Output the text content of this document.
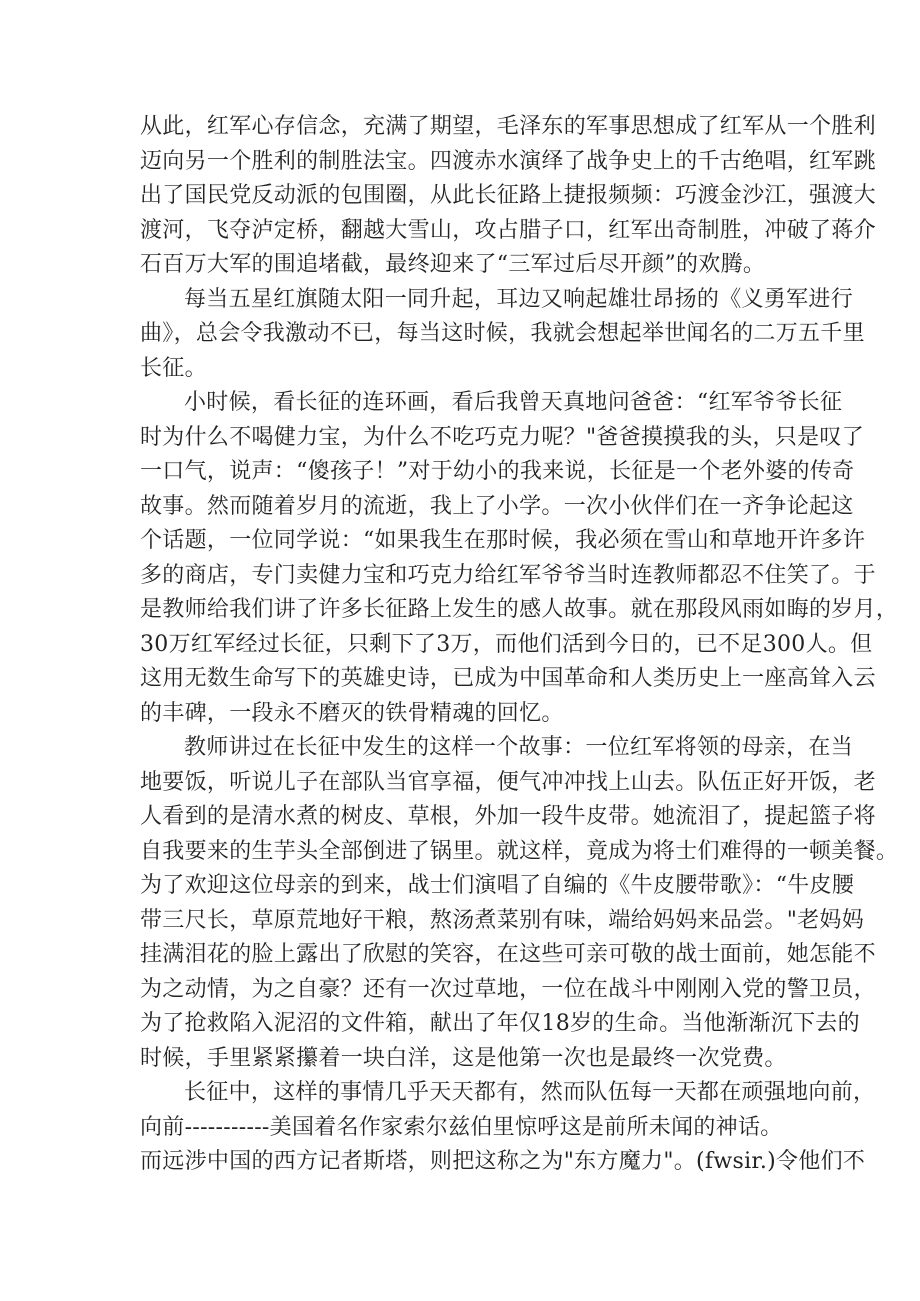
从此，红军心存信念，充满了期望，毛泽东的军事思想成了红军从一个胜利
迈向另一个胜利的制胜法宝。四渡赤水演绎了战争史上的千古绝唱，红军跳
出了国民党反动派的包围圈，从此长征路上捷报频频：巧渡金沙江，强渡大
渡河，飞夺泸定桥，翻越大雪山，攻占腊子口，红军出奇制胜，冲破了蒋介
石百万大军的围追堵截，最终迎来了“三军过后尽开颜”的欢腾。

每当五星红旗随太阳一同升起，耳边又响起雄壮昂扬的《义勇军进行
曲》，总会令我激动不已，每当这时候，我就会想起举世闻名的二万五千里
长征。

小时候，看长征的连环画，看后我曾天真地问爸爸：“红军爷爷长征
时为什么不喝健力宝，为什么不吃巧克力呢？"爸爸摸摸我的头，只是叹了
一口气，说声：“傻孩子！”对于幼小的我来说，长征是一个老外婆的传奇
故事。然而随着岁月的流逝，我上了小学。一次小伙伴们在一齐争论起这
个话题，一位同学说：“如果我生在那时候，我必须在雪山和草地开许多许
多的商店，专门卖健力宝和巧克力给红军爷爷当时连教师都忍不住笑了。于
是教师给我们讲了许多长征路上发生的感人故事。就在那段风雨如晦的岁月，
30万红军经过长征，只剩下了3万，而他们活到今日的，已不足300人。但
这用无数生命写下的英雄史诗，已成为中国革命和人类历史上一座高耸入云
的丰碑，一段永不磨灭的铁骨精魂的回忆。

教师讲过在长征中发生的这样一个故事：一位红军将领的母亲，在当
地要饭，听说儿子在部队当官享福，便气冲冲找上山去。队伍正好开饭，老
人看到的是清水煮的树皮、草根，外加一段牛皮带。她流泪了，提起篮子将
自我要来的生芋头全部倒进了锅里。就这样，竟成为将士们难得的一顿美餐。
为了欢迎这位母亲的到来，战士们演唱了自编的《牛皮腰带歌》：“牛皮腰
带三尺长，草原荒地好干粮，熬汤煮菜别有味，端给妈妈来品尝。"老妈妈
挂满泪花的脸上露出了欣慰的笑容，在这些可亲可敬的战士面前，她怎能不
为之动情，为之自豪？还有一次过草地，一位在战斗中刚刚入党的警卫员，
为了抢救陷入泥沼的文件箱，献出了年仅18岁的生命。当他渐渐沉下去的
时候，手里紧紧攥着一块白洋，这是他第一次也是最终一次党费。

长征中，这样的事情几乎天天都有，然而队伍每一天都在顽强地向前，
向前-----------美国着名作家索尔兹伯里惊呼这是前所未闻的神话。
而远涉中国的西方记者斯塔，则把这称之为"东方魔力"。(fwsir.)令他们不
